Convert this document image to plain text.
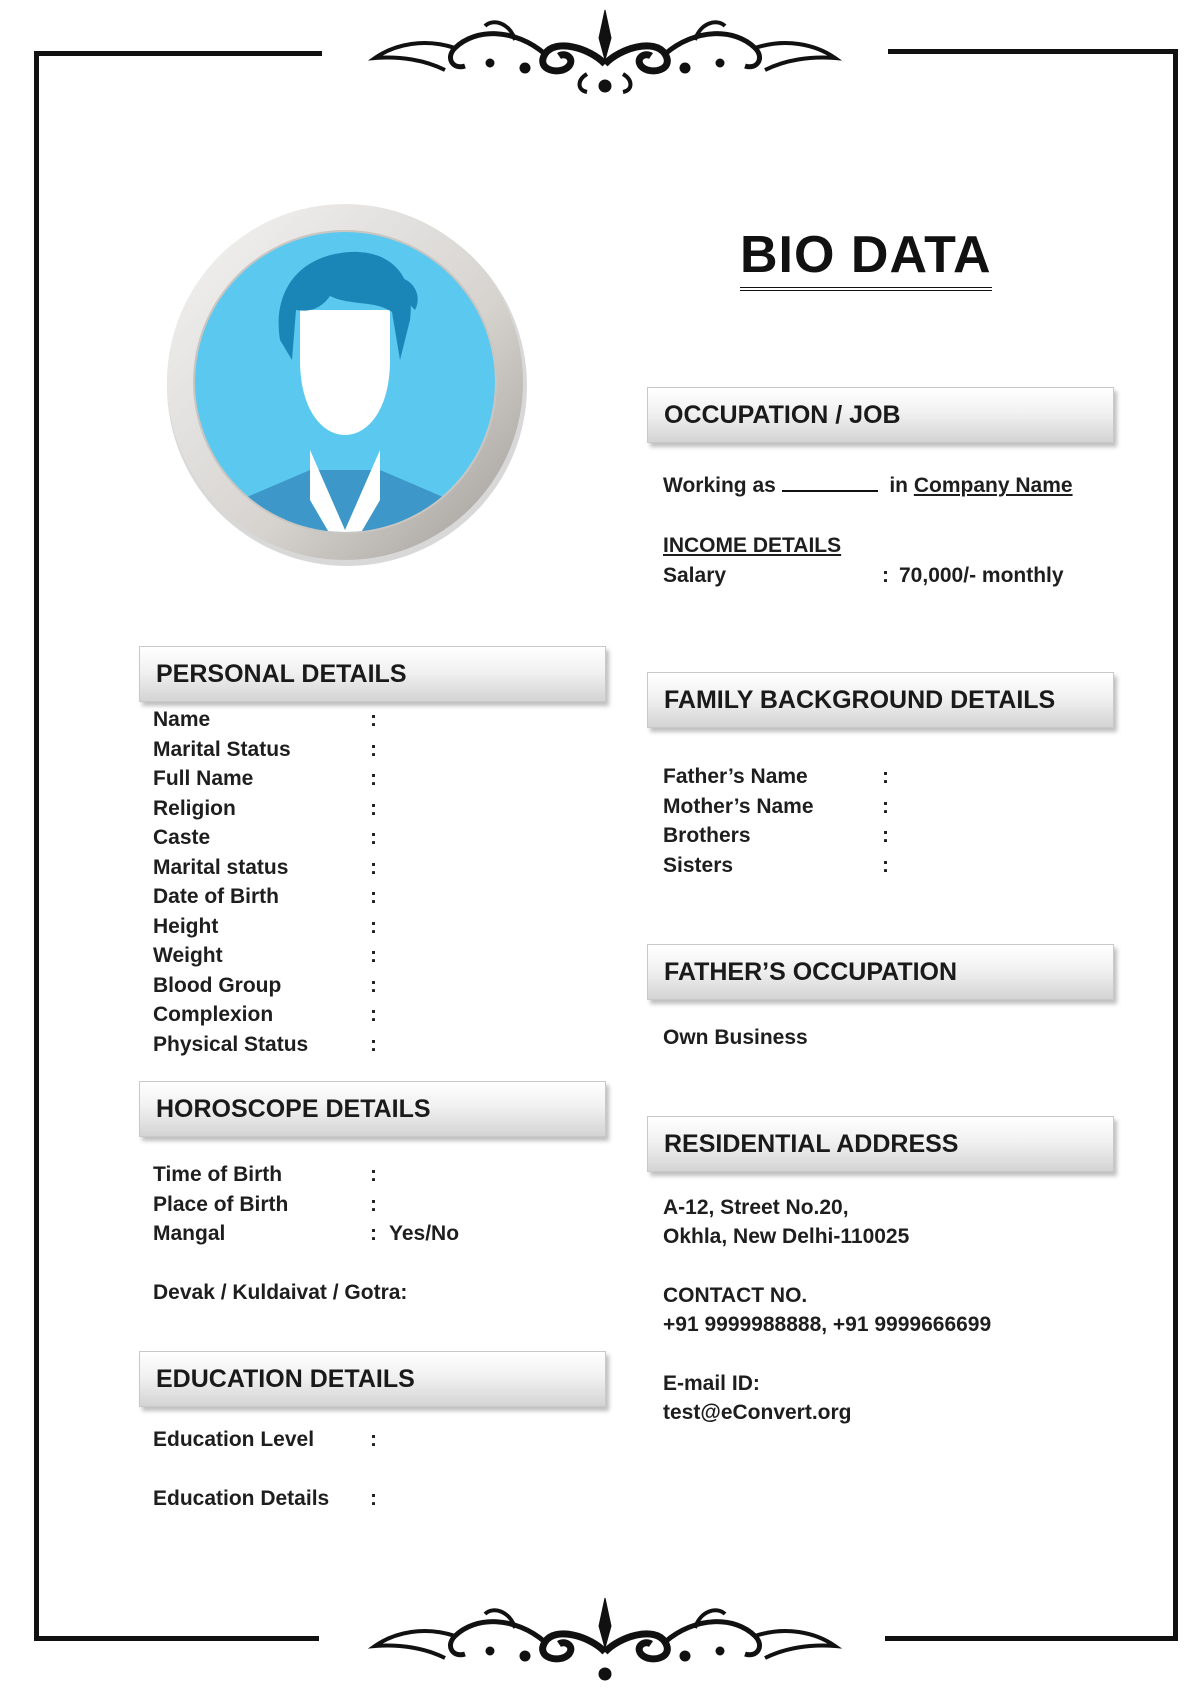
BIO DATA
OCCUPATION / JOB
Working as	in Company Name
INCOME DETAILS
Salary	: 70,000/- monthly
PERSONAL DETAILS
Name	:
Marital Status	:
Full Name	:
Religion	:
Caste	:
Marital status	:
Date of Birth	:
Height	:
Weight	:
Blood Group	:
Complexion	:
Physical Status	:
HOROSCOPE DETAILS
Time of Birth	:
Place of Birth	:
Mangal	: Yes/No
Devak / Kuldaivat / Gotra:
EDUCATION DETAILS
Education Level	:
Education Details :
FAMILY BACKGROUND DETAILS
Father’s Name	:
Mother’s Name	:
Brothers	:
Sisters	:
FATHER’S OCCUPATION
Own Business
RESIDENTIAL ADDRESS
A-12, Street No.20,
Okhla, New Delhi-110025
CONTACT NO.
+91 9999988888, +91 9999666699
E-mail ID:
test@eConvert.org
